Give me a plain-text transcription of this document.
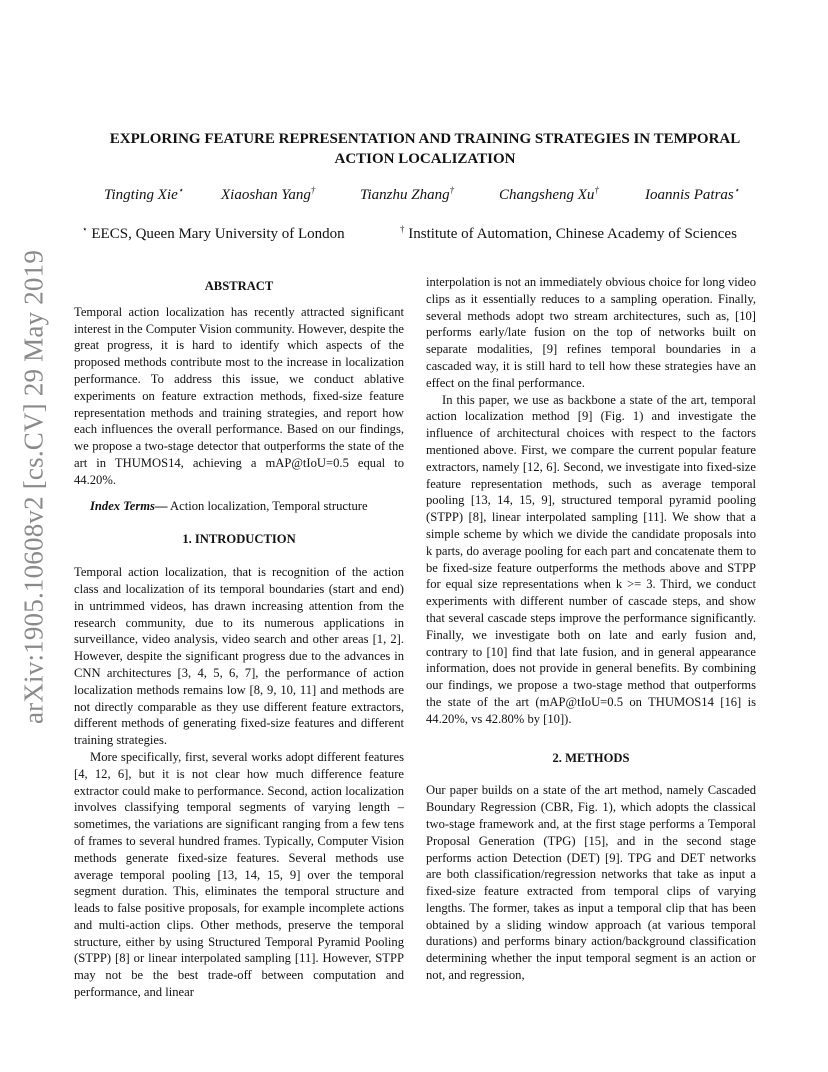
arXiv:1905.10608v2 [cs.CV] 29 May 2019
EXPLORING FEATURE REPRESENTATION AND TRAINING STRATEGIES IN TEMPORAL
ACTION LOCALIZATION
Tingting Xie⋆	Xiaoshan Yang†	Tianzhu Zhang†	Changsheng Xu†	Ioannis Patras⋆
⋆ EECS, Queen Mary University of London	† Institute of Automation, Chinese Academy of Sciences

ABSTRACT

Temporal action localization has recently attracted significant interest in the Computer Vision community. However, despite the great progress, it is hard to identify which aspects of the proposed methods contribute most to the increase in localization performance. To address this issue, we conduct ablative experiments on feature extraction methods, fixed-size feature representation methods and training strategies, and report how each influences the overall performance. Based on our findings, we propose a two-stage detector that outperforms the state of the art in THUMOS14, achieving a mAP@tIoU=0.5 equal to 44.20%.

Index Terms— Action localization, Temporal structure

1. INTRODUCTION

Temporal action localization, that is recognition of the action class and localization of its temporal boundaries (start and end) in untrimmed videos, has drawn increasing attention from the research community, due to its numerous applications in surveillance, video analysis, video search and other areas [1, 2]. However, despite the significant progress due to the advances in CNN architectures [3, 4, 5, 6, 7], the performance of action localization methods remains low [8, 9, 10, 11] and methods are not directly comparable as they use different feature extractors, different methods of generating fixed-size features and different training strategies.

More specifically, first, several works adopt different features [4, 12, 6], but it is not clear how much difference feature extractor could make to performance. Second, action localization involves classifying temporal segments of varying length – sometimes, the variations are significant ranging from a few tens of frames to several hundred frames. Typically, Computer Vision methods generate fixed-size features. Several methods use average temporal pooling [13, 14, 15, 9] over the temporal segment duration. This, eliminates the temporal structure and leads to false positive proposals, for example incomplete actions and multi-action clips. Other methods, preserve the temporal structure, either by using Structured Temporal Pyramid Pooling (STPP) [8] or linear interpolated sampling [11]. However, STPP may not be the best trade-off between computation and performance, and linear

interpolation is not an immediately obvious choice for long video clips as it essentially reduces to a sampling operation. Finally, several methods adopt two stream architectures, such as, [10] performs early/late fusion on the top of networks built on separate modalities, [9] refines temporal boundaries in a cascaded way, it is still hard to tell how these strategies have an effect on the final performance.

In this paper, we use as backbone a state of the art, temporal action localization method [9] (Fig. 1) and investigate the influence of architectural choices with respect to the factors mentioned above. First, we compare the current popular feature extractors, namely [12, 6]. Second, we investigate into fixed-size feature representation methods, such as average temporal pooling [13, 14, 15, 9], structured temporal pyramid pooling (STPP) [8], linear interpolated sampling [11]. We show that a simple scheme by which we divide the candidate proposals into k parts, do average pooling for each part and concatenate them to be fixed-size feature outperforms the methods above and STPP for equal size representations when k >= 3. Third, we conduct experiments with different number of cascade steps, and show that several cascade steps improve the performance significantly. Finally, we investigate both on late and early fusion and, contrary to [10] find that late fusion, and in general appearance information, does not provide in general benefits. By combining our findings, we propose a two-stage method that outperforms the state of the art (mAP@tIoU=0.5 on THUMOS14 [16] is 44.20%, vs 42.80% by [10]).

2. METHODS

Our paper builds on a state of the art method, namely Cascaded Boundary Regression (CBR, Fig. 1), which adopts the classical two-stage framework and, at the first stage performs a Temporal Proposal Generation (TPG) [15], and in the second stage performs action Detection (DET) [9]. TPG and DET networks are both classification/regression networks that take as input a fixed-size feature extracted from temporal clips of varying lengths. The former, takes as input a temporal clip that has been obtained by a sliding window approach (at various temporal durations) and performs binary action/background classification determining whether the input temporal segment is an action or not, and regression,
